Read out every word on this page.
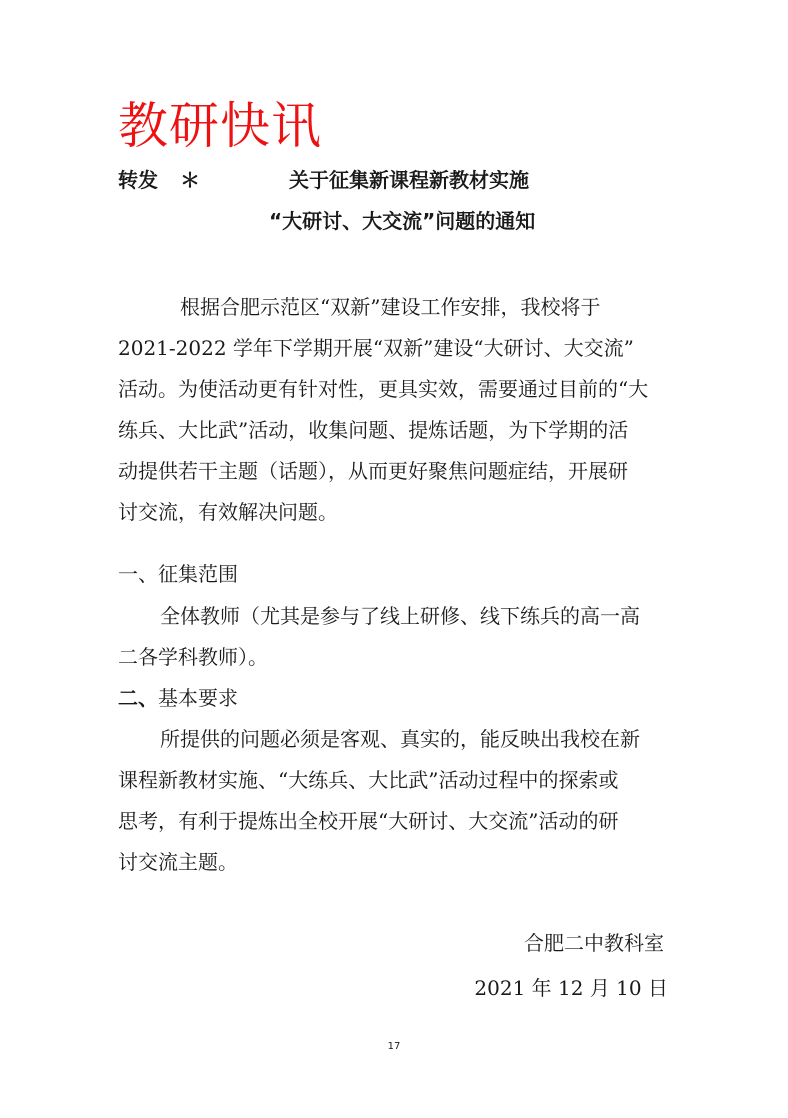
教研快讯
转发 ＊	关于征集新课程新教材实施
“大研讨、大交流”问题的通知
根据合肥示范区“双新”建设工作安排，我校将于
2021-2022 学年下学期开展“双新”建设“大研讨、大交流”
活动。为使活动更有针对性，更具实效，需要通过目前的“大
练兵、大比武”活动，收集问题、提炼话题，为下学期的活
动提供若干主题（话题），从而更好聚焦问题症结，开展研
讨交流，有效解决问题。
一、征集范围
全体教师（尤其是参与了线上研修、线下练兵的高一高
二各学科教师）。
二、基本要求
所提供的问题必须是客观、真实的，能反映出我校在新
课程新教材实施、“大练兵、大比武”活动过程中的探索或
思考，有利于提炼出全校开展“大研讨、大交流”活动的研
讨交流主题。
合肥二中教科室
2021 年 12 月 10 日
17
